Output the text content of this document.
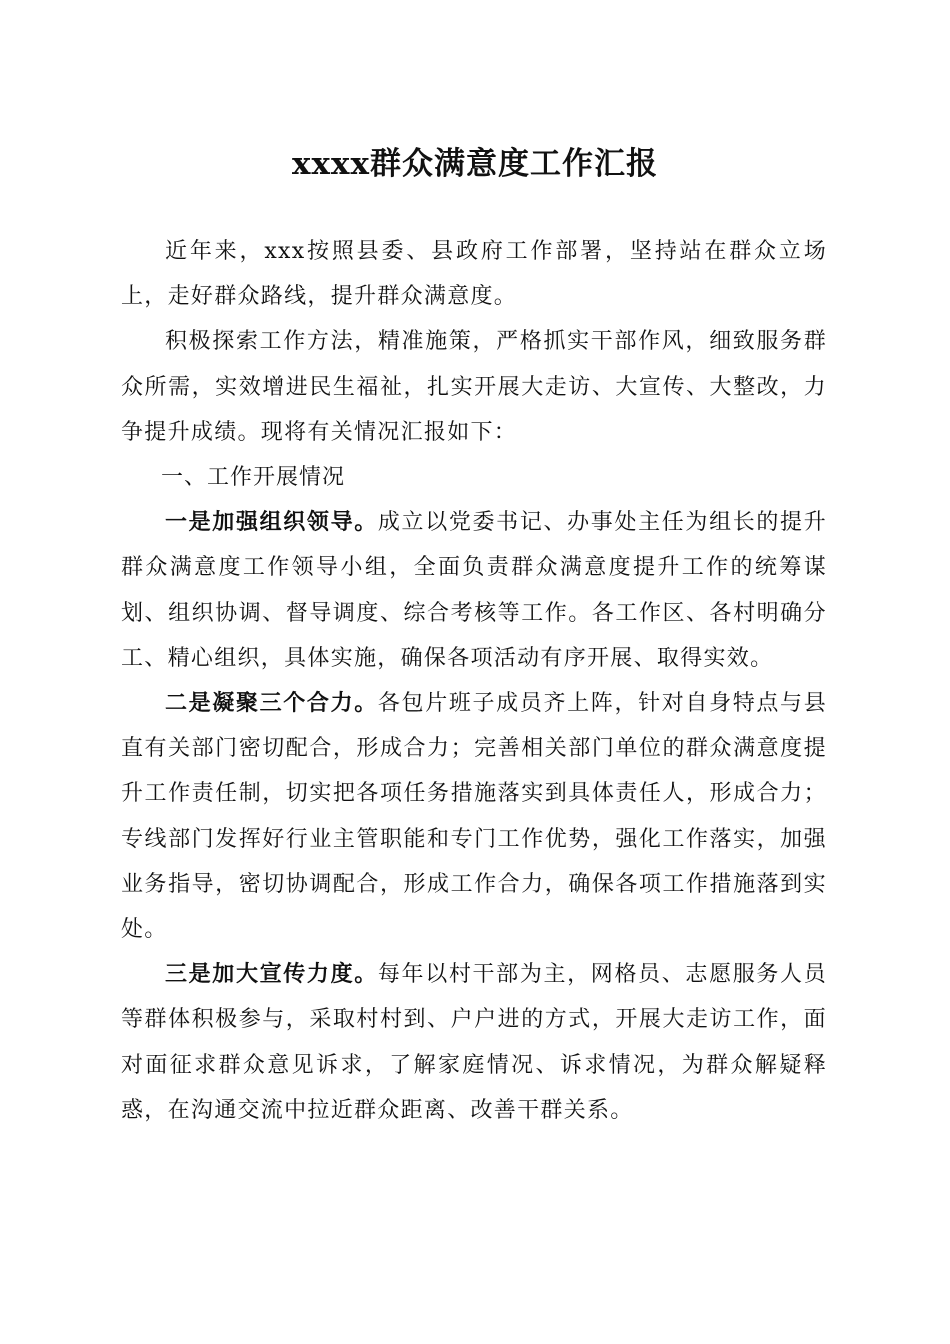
xxxx群众满意度工作汇报

近年来，xxx按照县委、县政府工作部署，坚持站在群众立场上，走好群众路线，提升群众满意度。

积极探索工作方法，精准施策，严格抓实干部作风，细致服务群众所需，实效增进民生福祉，扎实开展大走访、大宣传、大整改，力争提升成绩。现将有关情况汇报如下：

一、工作开展情况

一是加强组织领导。成立以党委书记、办事处主任为组长的提升群众满意度工作领导小组，全面负责群众满意度提升工作的统筹谋划、组织协调、督导调度、综合考核等工作。各工作区、各村明确分工、精心组织，具体实施，确保各项活动有序开展、取得实效。

二是凝聚三个合力。各包片班子成员齐上阵，针对自身特点与县直有关部门密切配合，形成合力；完善相关部门单位的群众满意度提升工作责任制，切实把各项任务措施落实到具体责任人，形成合力；专线部门发挥好行业主管职能和专门工作优势，强化工作落实，加强业务指导，密切协调配合，形成工作合力，确保各项工作措施落到实处。

三是加大宣传力度。每年以村干部为主，网格员、志愿服务人员等群体积极参与，采取村村到、户户进的方式，开展大走访工作，面对面征求群众意见诉求，了解家庭情况、诉求情况，为群众解疑释惑，在沟通交流中拉近群众距离、改善干群关系。
